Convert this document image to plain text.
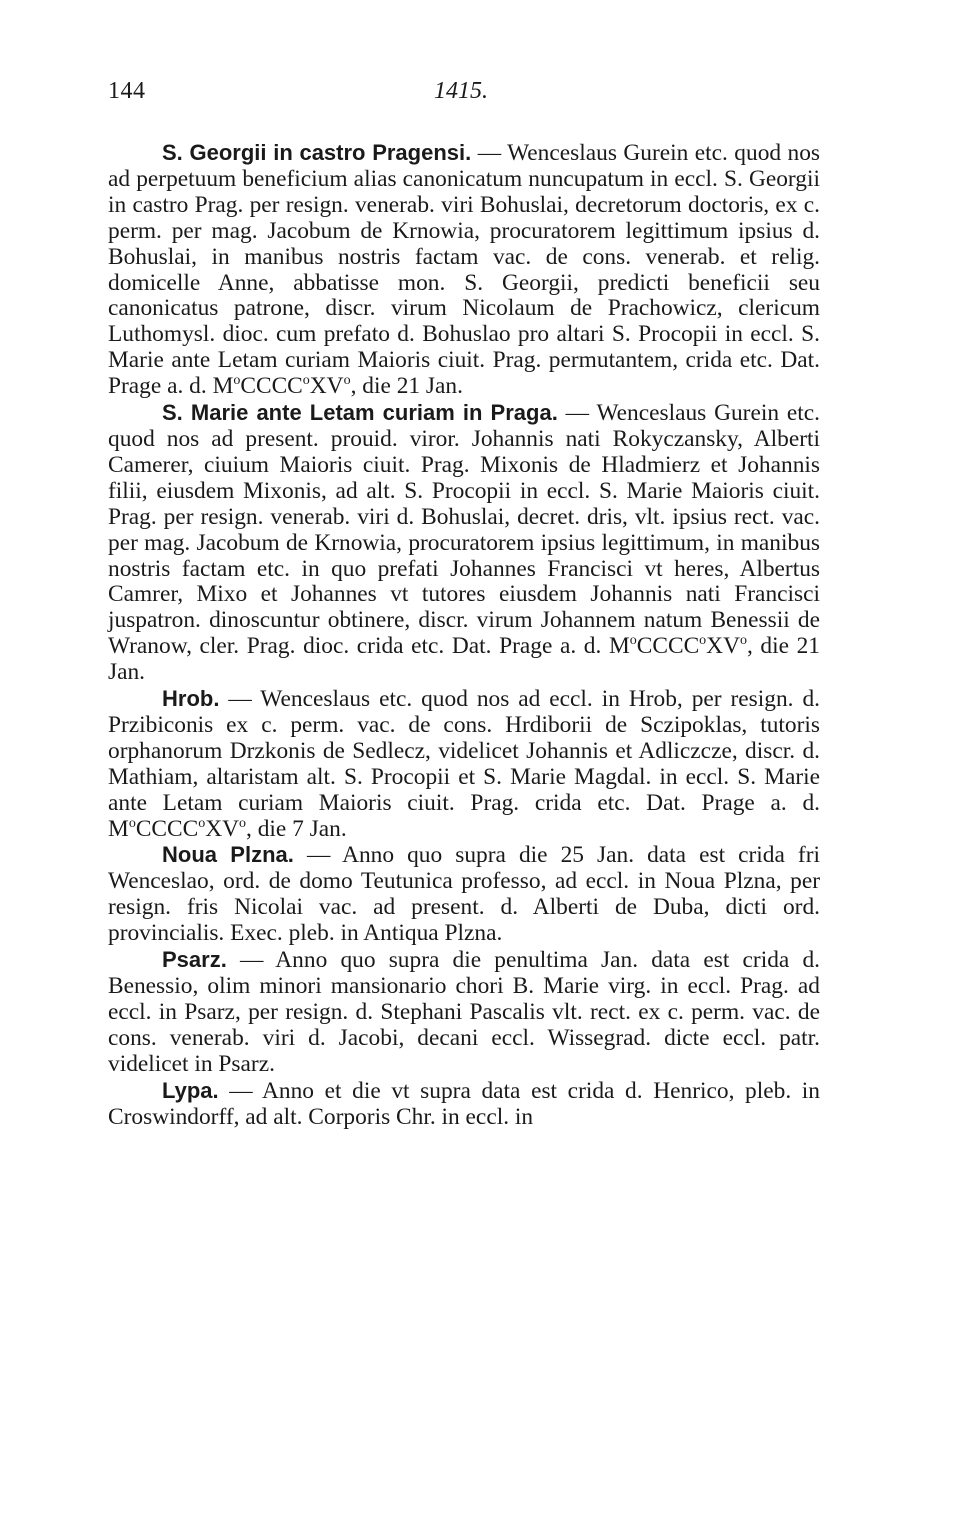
144	1415.

S. Georgii in castro Pragensi. — Wenceslaus Gurein etc. quod nos ad perpetuum beneficium alias canonicatum nuncupatum in eccl. S. Georgii in castro Prag. per resign. venerab. viri Bohuslai, decretorum doctoris, ex c. perm. per mag. Jacobum de Krnowia, procuratorem legittimum ipsius d. Bohuslai, in manibus nostris factam vac. de cons. venerab. et relig. domicelle Anne, abbatisse mon. S. Georgii, predicti beneficii seu canonicatus patrone, discr. virum Nicolaum de Prachowicz, clericum Luthomysl. dioc. cum prefato d. Bohuslao pro altari S. Procopii in eccl. S. Marie ante Letam curiam Maioris ciuit. Prag. permutantem, crida etc. Dat. Prage a. d. $M^oCCCC^oXV^o$, die 21 Jan.

S. Marie ante Letam curiam in Praga. — Wenceslaus Gurein etc. quod nos ad present. prouid. viror. Johannis nati Rokyczansky, Alberti Camerer, ciuium Maioris ciuit. Prag. Mixonis de Hladmierz et Johannis filii, eiusdem Mixonis, ad alt. S. Procopii in eccl. S. Marie Maioris ciuit. Prag. per resign. venerab. viri d. Bohuslai, decret. dris, vlt. ipsius rect. vac. per mag. Jacobum de Krnowia, procuratorem ipsius legittimum, in manibus nostris factam etc. in quo prefati Johannes Francisci vt heres, Albertus Camrer, Mixo et Johannes vt tutores eiusdem Johannis nati Francisci juspatron. dinoscuntur obtinere, discr. virum Johannem natum Benessii de Wranow, cler. Prag. dioc. crida etc. Dat. Prage a. d. $M^oCCCC^oXV^o$, die 21 Jan.

Hrob. — Wenceslaus etc. quod nos ad eccl. in Hrob, per resign. d. Przibiconis ex c. perm. vac. de cons. Hrdiborii de Sczipoklas, tutoris orphanorum Drzkonis de Sedlecz, videlicet Johannis et Adliczcze, discr. d. Mathiam, altaristam alt. S. Procopii et S. Marie Magdal. in eccl. S. Marie ante Letam curiam Maioris ciuit. Prag. crida etc. Dat. Prage a. d. $M^oCCCC^oXV^o$, die 7 Jan.

Noua Plzna. — Anno quo supra die 25 Jan. data est crida fri Wenceslao, ord. de domo Teutunica professo, ad eccl. in Noua Plzna, per resign. fris Nicolai vac. ad present. d. Alberti de Duba, dicti ord. provincialis. Exec. pleb. in Antiqua Plzna.

Psarz. — Anno quo supra die penultima Jan. data est crida d. Benessio, olim minori mansionario chori B. Marie virg. in eccl. Prag. ad eccl. in Psarz, per resign. d. Stephani Pascalis vlt. rect. ex c. perm. vac. de cons. venerab. viri d. Jacobi, decani eccl. Wissegrad. dicte eccl. patr. videlicet in Psarz.

Lypa. — Anno et die vt supra data est crida d. Henrico, pleb. in Croswindorff, ad alt. Corporis Chr. in eccl. in
